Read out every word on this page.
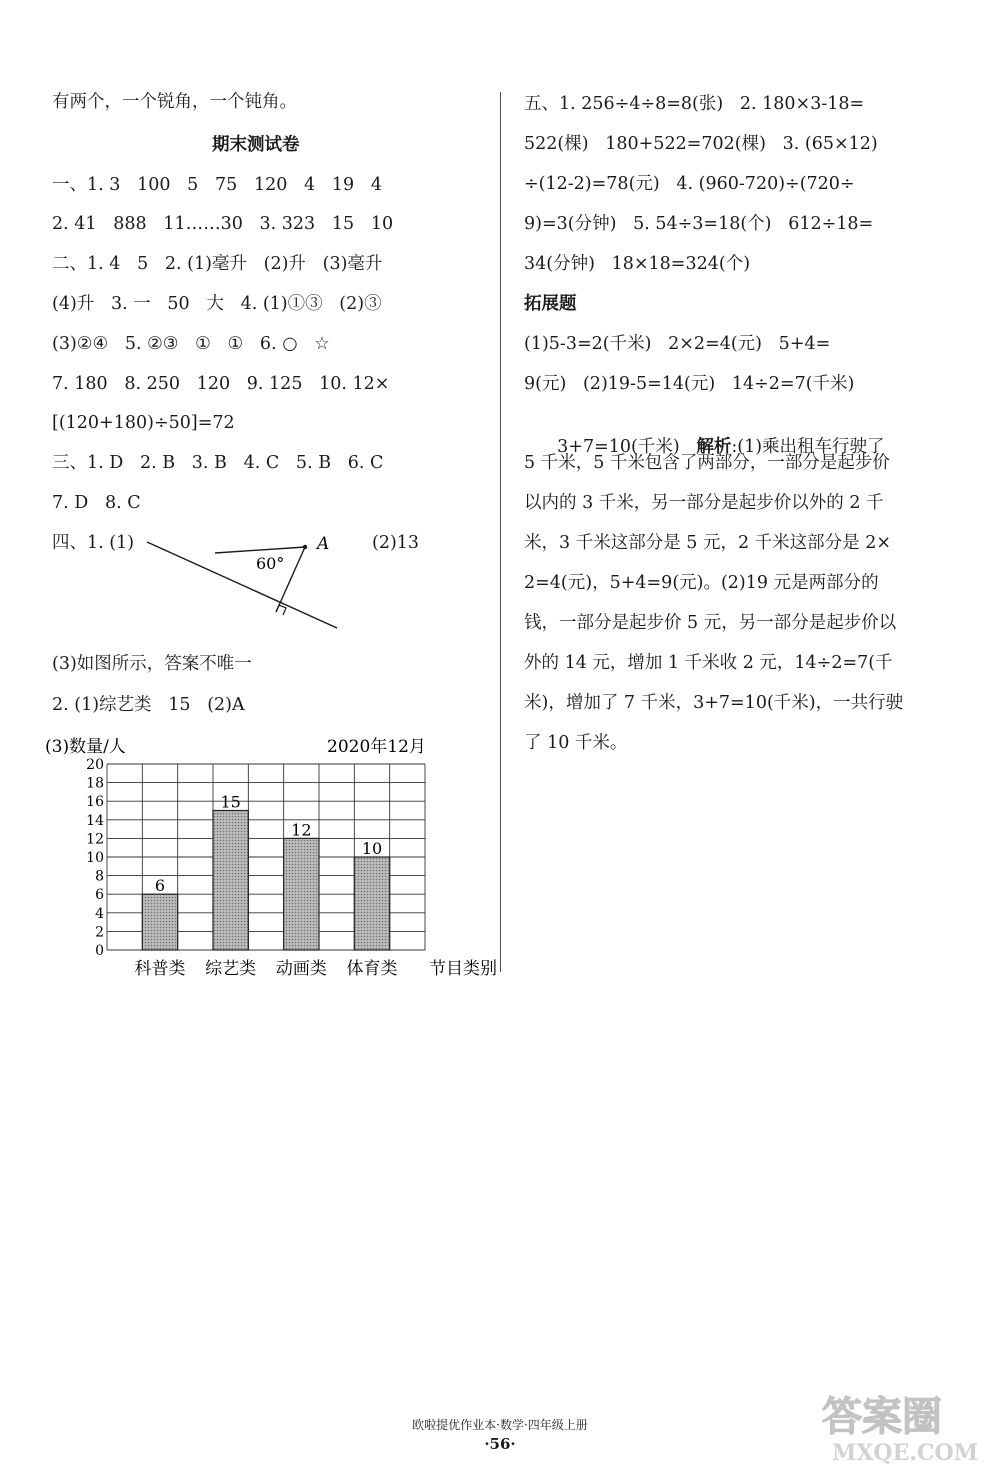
有两个，一个锐角，一个钝角。
期末测试卷
一、1. 3   100   5   75   120   4   19   4
2. 41   888   11……30   3. 323   15   10
二、1. 4   5   2. (1)毫升   (2)升   (3)毫升
(4)升   3. 一   50   大   4. (1)①③   (2)③
(3)②④   5. ②③   ①   ①   6. ○   ☆
7. 180   8. 250   120   9. 125   10. 12×
[(120+180)÷50]=72
三、1. D   2. B   3. B   4. C   5. B   6. C
7. D   8. C
四、1. (1)	A
60°
(2)13
(3)如图所示，答案不唯一
2. (1)综艺类   15   (2)A
(3)数量/人	2020年12月
0
2
4
6
8
10
12
14
16
18
20
6
科普类
15
综艺类
12
动画类
10
体育类 节目类别
五、1. 256÷4÷8=8(张)   2. 180×3-18=
522(棵)   180+522=702(棵)   3. (65×12)
÷(12-2)=78(元)   4. (960-720)÷(720÷
9)=3(分钟)   5. 54÷3=18(个)   612÷18=
34(分钟)   18×18=324(个)
拓展题
(1)5-3=2(千米)   2×2=4(元)   5+4=
9(元)   (2)19-5=14(元)   14÷2=7(千米)

3+7=10(千米) 解析:(1)乘出租车行驶了

5 千米，5 千米包含了两部分，一部分是起步价
以内的 3 千米，另一部分是起步价以外的 2 千
米，3 千米这部分是 5 元，2 千米这部分是 2×
2=4(元)，5+4=9(元)。(2)19 元是两部分的
钱，一部分是起步价 5 元，另一部分是起步价以
外的 14 元，增加 1 千米收 2 元，14÷2=7(千
米)，增加了 7 千米，3+7=10(千米)，一共行驶
了 10 千米。
欧啦提优作业本·数学·四年级上册
·56·
答案圈
MXQE.COM
